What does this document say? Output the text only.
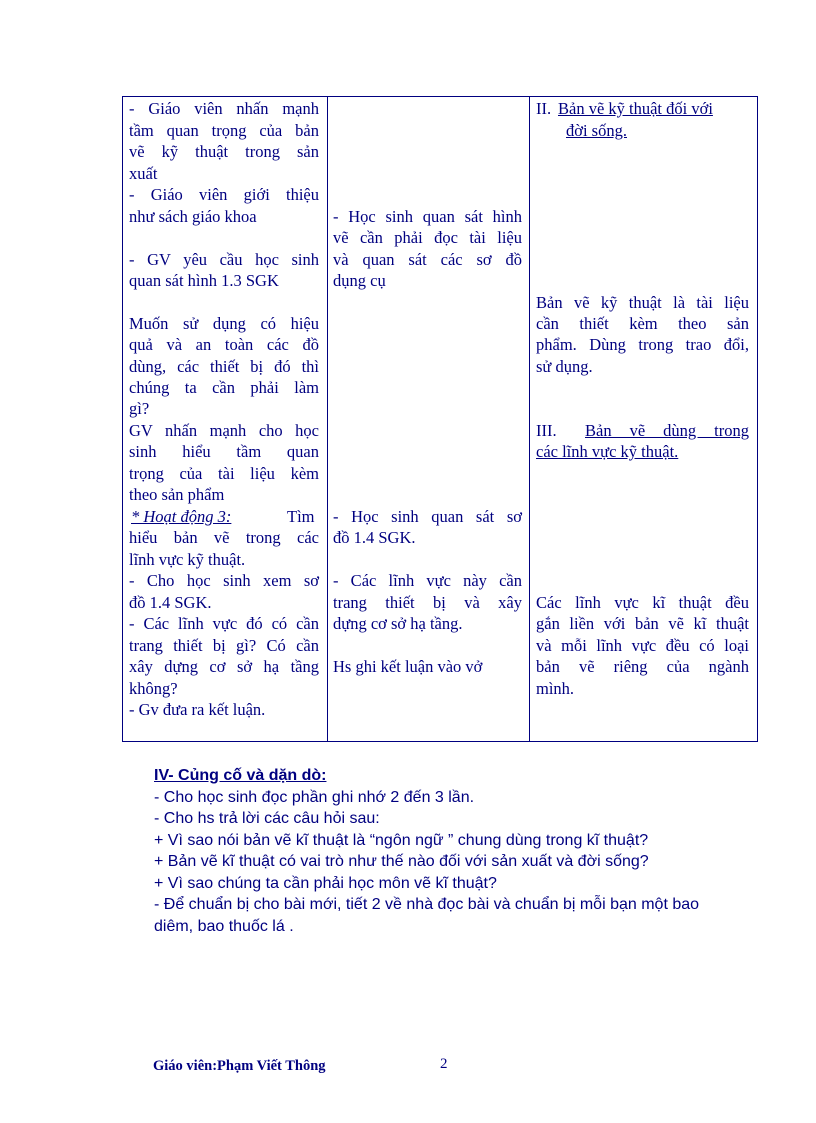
- Giáo viên nhấn mạnh
tầm quan trọng của bản
vẽ kỹ thuật trong sản
xuất
- Giáo viên giới thiệu
như sách giáo khoa
- GV yêu cầu học sinh
quan sát hình 1.3 SGK
Muốn sử dụng có hiệu
quả và an toàn các đồ
dùng, các thiết bị đó thì
chúng ta cần phải làm
gì?
GV nhấn mạnh cho học
sinh hiểu tầm quan
trọng của tài liệu kèm
theo sản phẩm
* Hoạt động 3:	Tìm
hiểu bản vẽ trong các
lĩnh vực kỹ thuật.
- Cho học sinh xem sơ
đồ 1.4 SGK.
- Các lĩnh vực đó có cần
trang thiết bị gì? Có cần
xây dựng cơ sở hạ tầng
không?
- Gv đưa ra kết luận.
- Học sinh quan sát hình
vẽ cần phải đọc tài liệu
và quan sát các sơ đồ
dụng cụ
- Học sinh quan sát sơ
đồ 1.4 SGK.
- Các lĩnh vực này cần
trang thiết bị và xây
dựng cơ sở hạ tầng.
Hs ghi kết luận vào vở
II. Bản vẽ kỹ thuật đối với
đời sống.
Bản vẽ kỹ thuật là tài liệu
cần thiết kèm theo sản
phẩm. Dùng trong trao đổi,
sử dụng.
III. Bản vẽ dùng trong
các lĩnh vực kỹ thuật.
Các lĩnh vực kĩ thuật đều
gắn liền với bản vẽ kĩ thuật
và mỗi lĩnh vực đều có loại
bản vẽ riêng của ngành
mình.
IV- Củng cố và dặn dò:
- Cho học sinh đọc phần ghi nhớ 2 đến 3 lần.
- Cho hs trả lời các câu hỏi sau:
+ Vì sao nói bản vẽ kĩ thuật là “ngôn ngữ ” chung dùng trong kĩ thuật?
+ Bản vẽ kĩ thuật có vai trò như thế nào đối với sản xuất và đời sống?
+ Vì sao chúng ta cần phải học môn vẽ kĩ thuật?
- Để chuẩn bị cho bài mới, tiết 2 về nhà đọc bài và chuẩn bị mỗi bạn một bao
diêm, bao thuốc lá .
Giáo viên:Phạm Viết Thông	2
